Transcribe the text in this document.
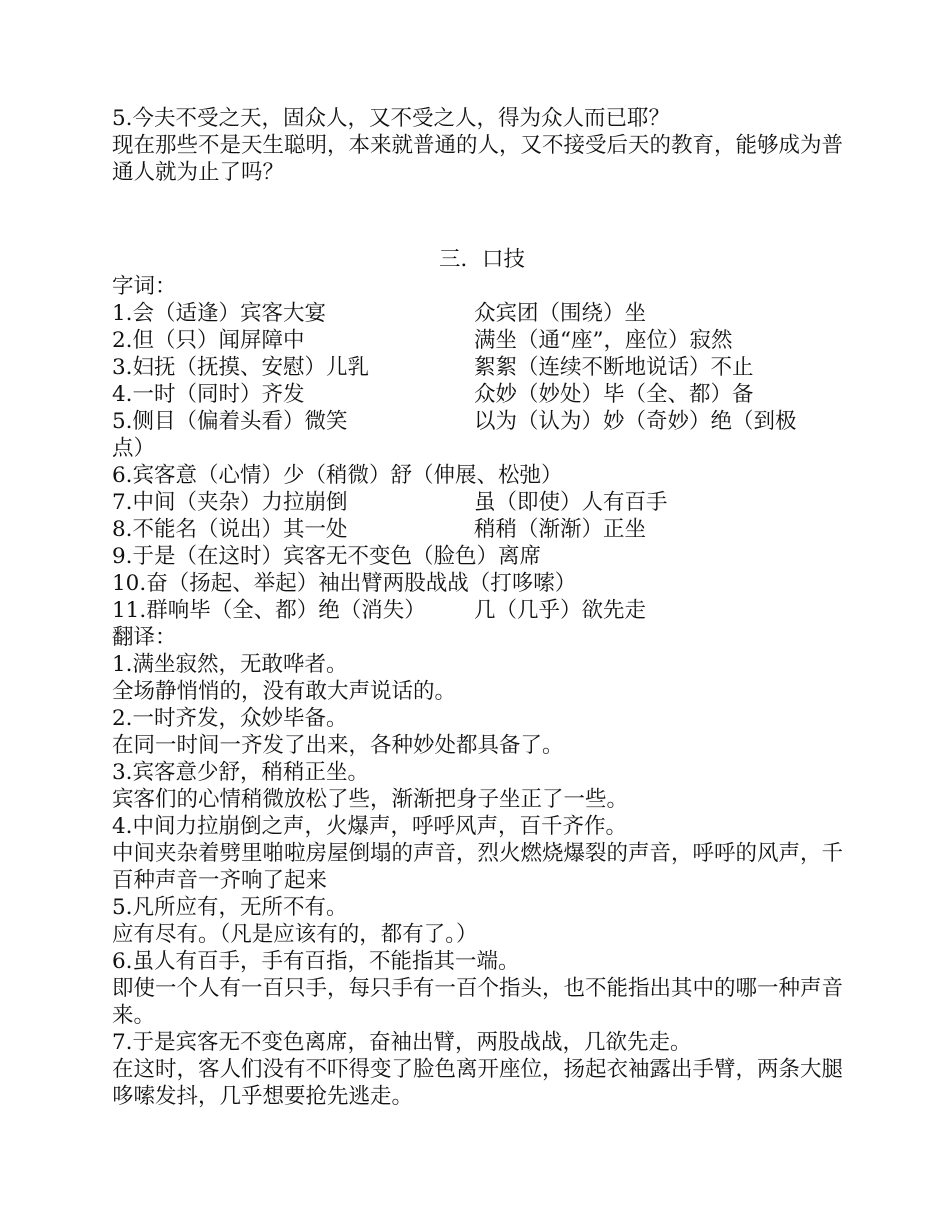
5.今夫不受之天，固众人，又不受之人，得为众人而已耶？
现在那些不是天生聪明，本来就普通的人，又不接受后天的教育，能够成为普通人就为止了吗？
三．口技
字词：
1.会（适逢）宾客大宴	众宾团（围绕）坐
2.但（只）闻屏障中	满坐（通“座”，座位）寂然
3.妇抚（抚摸、安慰）儿乳	絮絮（连续不断地说话）不止
4.一时（同时）齐发	众妙（妙处）毕（全、都）备
5.侧目（偏着头看）微笑	以为（认为）妙（奇妙）绝（到极
点）
6.宾客意（心情）少（稍微）舒（伸展、松弛）
7.中间（夹杂）力拉崩倒	虽（即使）人有百手
8.不能名（说出）其一处	稍稍（渐渐）正坐
9.于是（在这时）宾客无不变色（脸色）离席
10.奋（扬起、举起）袖出臂两股战战（打哆嗦）
11.群响毕（全、都）绝（消失）	几（几乎）欲先走
翻译：
1.满坐寂然，无敢哗者。
全场静悄悄的，没有敢大声说话的。
2.一时齐发，众妙毕备。
在同一时间一齐发了出来，各种妙处都具备了。
3.宾客意少舒，稍稍正坐。
宾客们的心情稍微放松了些，渐渐把身子坐正了一些。
4.中间力拉崩倒之声，火爆声，呼呼风声，百千齐作。
中间夹杂着劈里啪啦房屋倒塌的声音，烈火燃烧爆裂的声音，呼呼的风声，千百种声音一齐响了起来
5.凡所应有，无所不有。
应有尽有。（凡是应该有的，都有了。）
6.虽人有百手，手有百指，不能指其一端。
即使一个人有一百只手，每只手有一百个指头，也不能指出其中的哪一种声音来。
7.于是宾客无不变色离席，奋袖出臂，两股战战，几欲先走。
在这时，客人们没有不吓得变了脸色离开座位，扬起衣袖露出手臂，两条大腿哆嗦发抖，几乎想要抢先逃走。
